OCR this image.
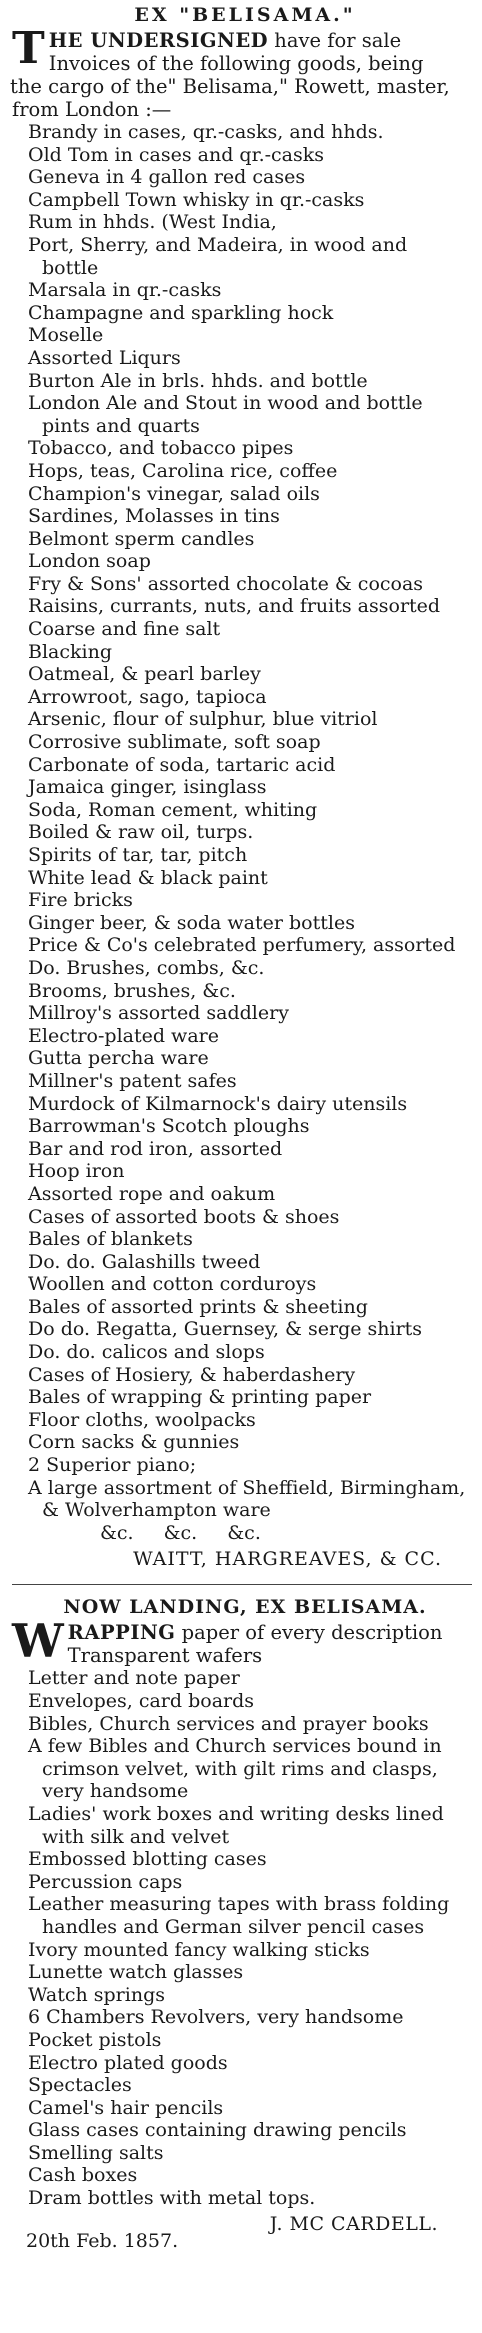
EX "BELISAMA."
T HE UNDERSIGNED have for sale
Invoices of the following goods, being
the cargo of the" Belisama," Rowett, master,
from London :—
Brandy in cases, qr.-casks, and hhds.
Old Tom in cases and qr.-casks
Geneva in 4 gallon red cases
Campbell Town whisky in qr.-casks
Rum in hhds. (West India,
Port, Sherry, and Madeira, in wood and
bottle
Marsala in qr.-casks
Champagne and sparkling hock
Moselle
Assorted Liqurs
Burton Ale in brls. hhds. and bottle
London Ale and Stout in wood and bottle
pints and quarts
Tobacco, and tobacco pipes
Hops, teas, Carolina rice, coffee
Champion's vinegar, salad oils
Sardines, Molasses in tins
Belmont sperm candles
London soap
Fry & Sons' assorted chocolate & cocoas
Raisins, currants, nuts, and fruits assorted
Coarse and fine salt
Blacking
Oatmeal, & pearl barley
Arrowroot, sago, tapioca
Arsenic, flour of sulphur, blue vitriol
Corrosive sublimate, soft soap
Carbonate of soda, tartaric acid
Jamaica ginger, isinglass
Soda, Roman cement, whiting
Boiled & raw oil, turps.
Spirits of tar, tar, pitch
White lead & black paint
Fire bricks
Ginger beer, & soda water bottles
Price & Co's celebrated perfumery, assorted
Do. Brushes, combs, &c.
Brooms, brushes, &c.
Millroy's assorted saddlery
Electro-plated ware
Gutta percha ware
Millner's patent safes
Murdock of Kilmarnock's dairy utensils
Barrowman's Scotch ploughs
Bar and rod iron, assorted
Hoop iron
Assorted rope and oakum
Cases of assorted boots & shoes
Bales of blankets
Do. do. Galashills tweed
Woollen and cotton corduroys
Bales of assorted prints & sheeting
Do do. Regatta, Guernsey, & serge shirts
Do. do. calicos and slops
Cases of Hosiery, & haberdashery
Bales of wrapping & printing paper
Floor cloths, woolpacks
Corn sacks & gunnies
2 Superior piano;
A large assortment of Sheffield, Birmingham,
& Wolverhampton ware
&c. &c. &c.
WAITT, HARGREAVES, & CC.
NOW LANDING, EX BELISAMA.
W RAPPING paper of every description
Transparent wafers
Letter and note paper
Envelopes, card boards
Bibles, Church services and prayer books
A few Bibles and Church services bound in
crimson velvet, with gilt rims and clasps,
very handsome
Ladies' work boxes and writing desks lined
with silk and velvet
Embossed blotting cases
Percussion caps
Leather measuring tapes with brass folding
handles and German silver pencil cases
Ivory mounted fancy walking sticks
Lunette watch glasses
Watch springs
6 Chambers Revolvers, very handsome
Pocket pistols
Electro plated goods
Spectacles
Camel's hair pencils
Glass cases containing drawing pencils
Smelling salts
Cash boxes
Dram bottles with metal tops.
J. MC CARDELL.
20th Feb. 1857.
